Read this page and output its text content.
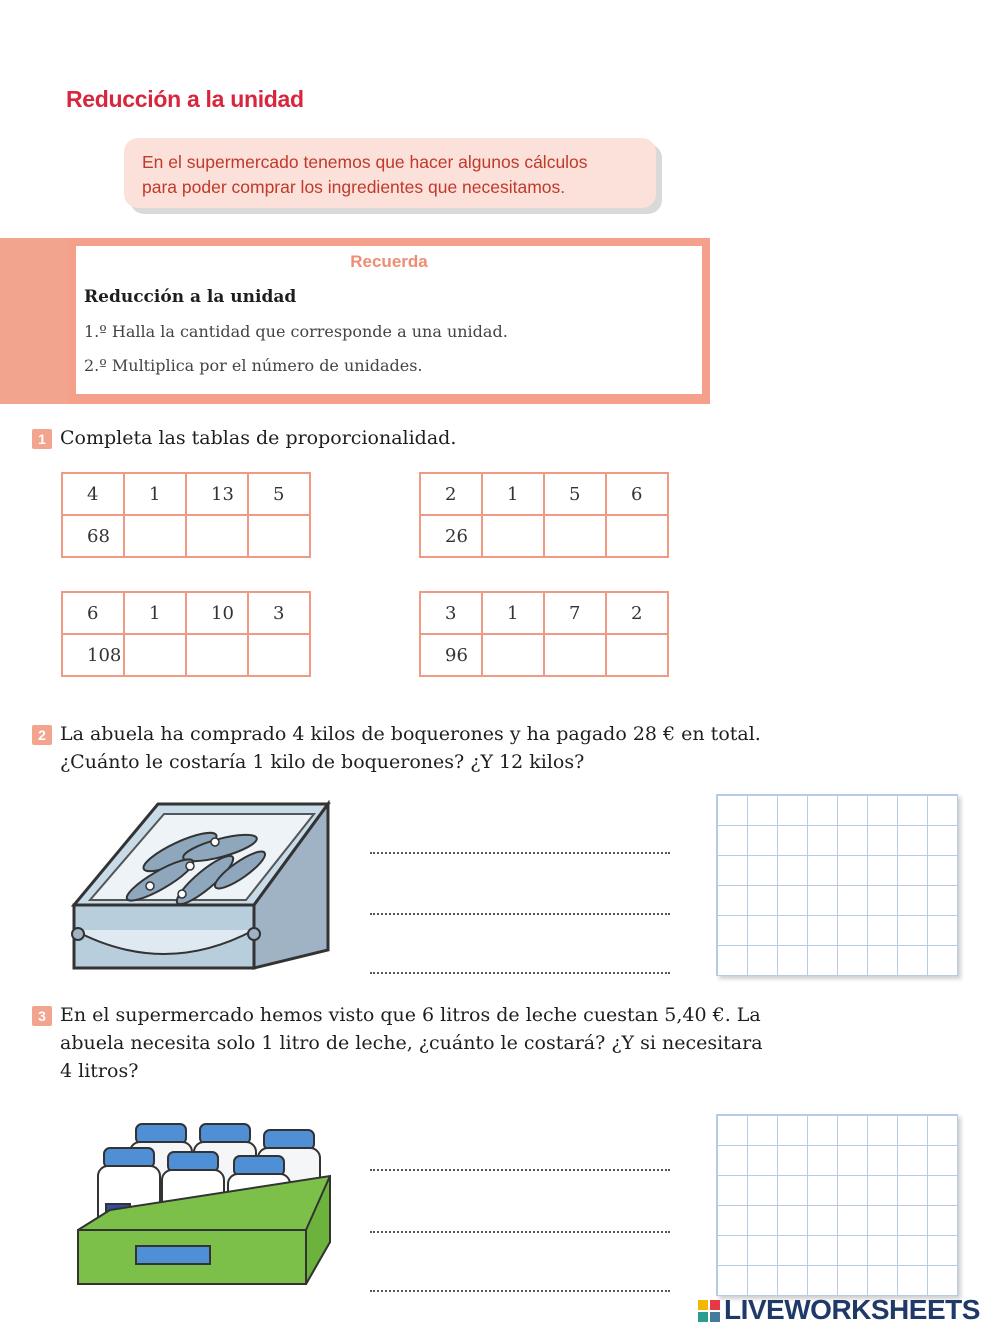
Reducción a la unidad
En el supermercado tenemos que hacer algunos cálculos
para poder comprar los ingredientes que necesitamos.
Recuerda
Reducción a la unidad
1.º Halla la cantidad que corresponde a una unidad.
2.º Multiplica por el número de unidades.
1 Completa las tablas de proporcionalidad.
4	1	13	5
68			
2	1	5	6
26			
6	1	10	3
108			
3	1	7	2
96			
2 La abuela ha comprado 4 kilos de boquerones y ha pagado 28 € en total.
¿Cuánto le costaría 1 kilo de boquerones? ¿Y 12 kilos?
3 En el supermercado hemos visto que 6 litros de leche cuestan 5,40 €. La
abuela necesita solo 1 litro de leche, ¿cuánto le costará? ¿Y si necesitara
4 litros?
LIVEWORKSHEETS
